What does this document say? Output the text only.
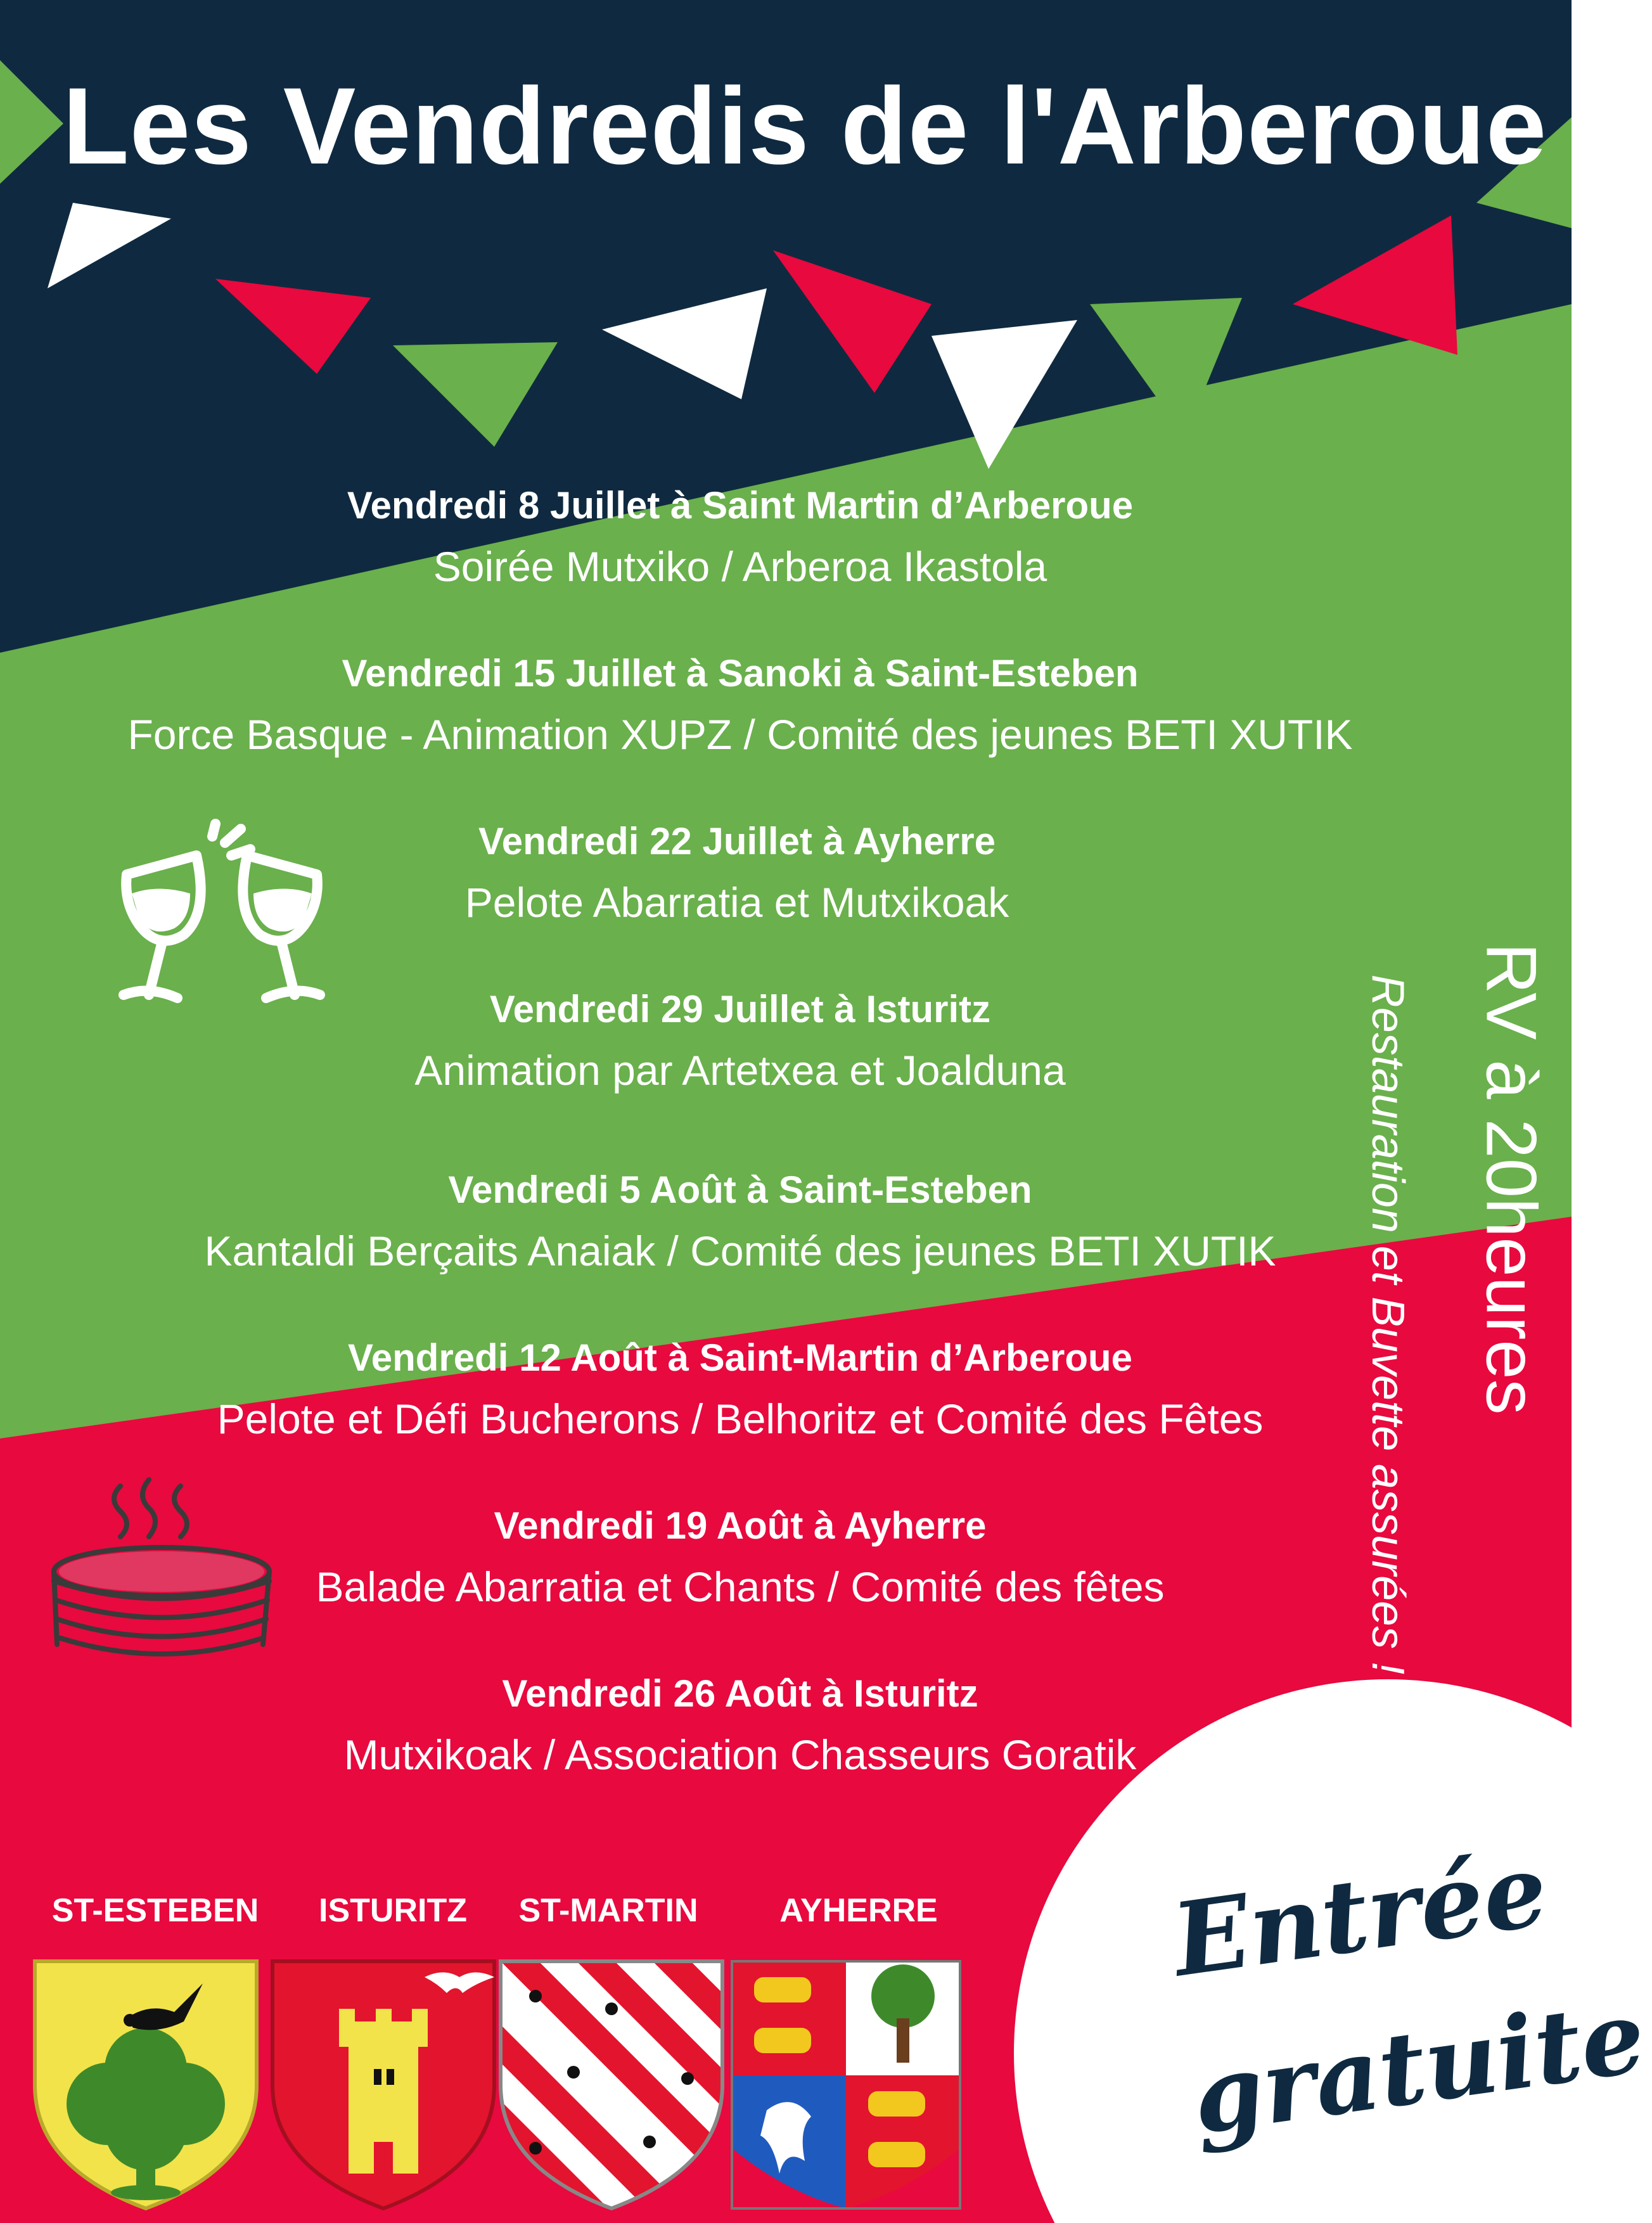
Les Vendredis de l'Arberoue
Vendredi 8 Juillet à Saint Martin d’Arberoue
Soirée Mutxiko / Arberoa Ikastola
Vendredi 15 Juillet à Sanoki à Saint-Esteben
Force Basque - Animation XUPZ / Comité des jeunes BETI XUTIK
Vendredi 22 Juillet à Ayherre
Pelote Abarratia et Mutxikoak
Vendredi 29 Juillet à Isturitz
Animation par Artetxea et Joalduna
Vendredi 5 Août à Saint-Esteben
Kantaldi Berçaits Anaiak / Comité des jeunes BETI XUTIK
Vendredi 12 Août à Saint-Martin d’Arberoue
Pelote et Défi Bucherons / Belhoritz et Comité des Fêtes
Vendredi 19 Août à Ayherre
Balade Abarratia et Chants / Comité des fêtes
Vendredi 26 Août à Isturitz
Mutxikoak / Association Chasseurs Goratik
RV à 20heures
Restauration et Buvette assurées !
ST-ESTEBEN ISTURITZ ST-MARTIN AYHERRE Entrée
gratuite
